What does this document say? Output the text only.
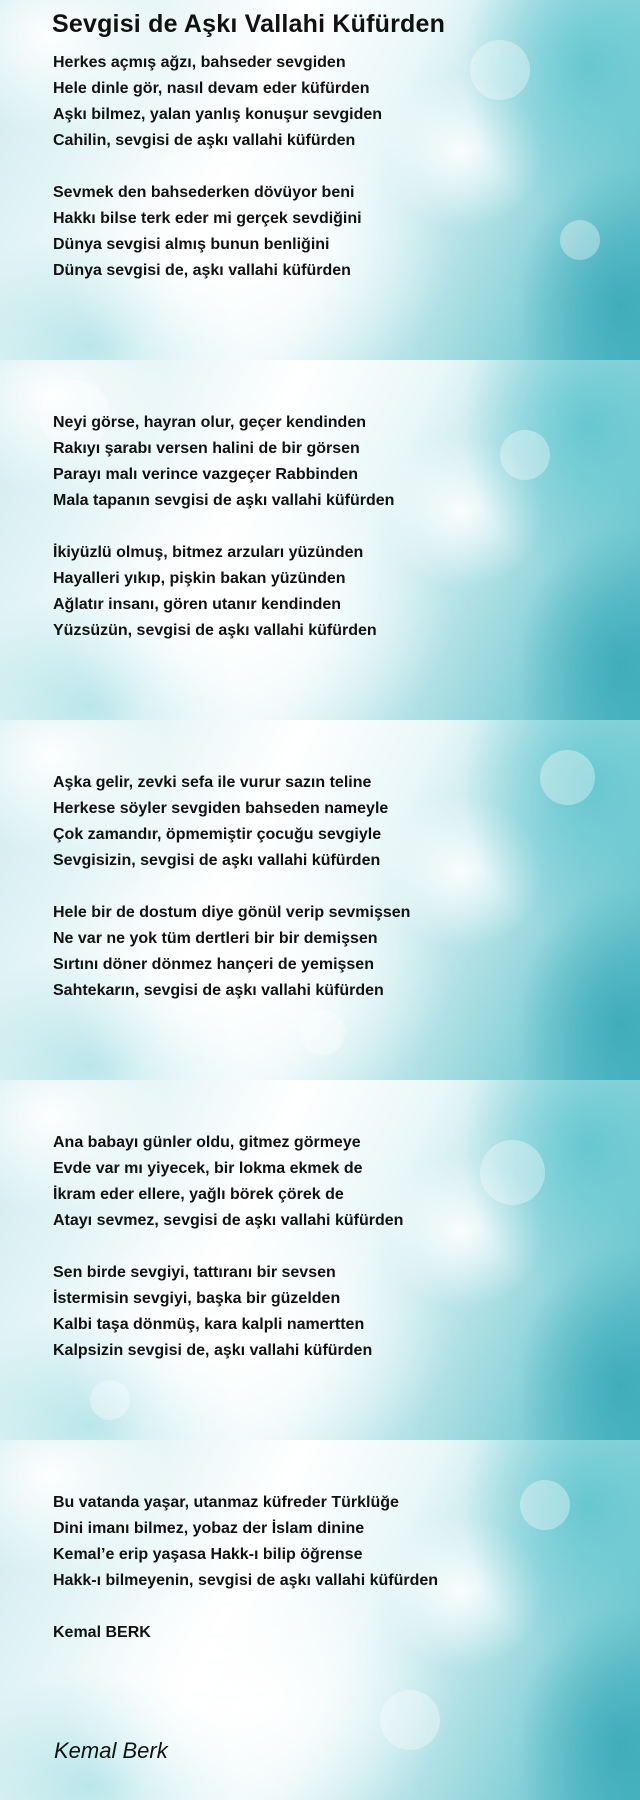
Sevgisi de Aşkı Vallahi Küfürden
Herkes açmış ağzı, bahseder sevgiden
Hele dinle gör, nasıl devam eder küfürden
Aşkı bilmez, yalan yanlış konuşur sevgiden
Cahilin, sevgisi de aşkı vallahi küfürden
Sevmek den bahsederken dövüyor beni
Hakkı bilse terk eder mi gerçek sevdiğini
Dünya sevgisi almış bunun benliğini
Dünya sevgisi de, aşkı vallahi küfürden
Neyi görse, hayran olur, geçer kendinden
Rakıyı şarabı versen halini de bir görsen
Parayı malı verince vazgeçer Rabbinden
Mala tapanın sevgisi de aşkı vallahi küfürden
İkiyüzlü olmuş, bitmez arzuları yüzünden
Hayalleri yıkıp, pişkin bakan yüzünden
Ağlatır insanı, gören utanır kendinden
Yüzsüzün, sevgisi de aşkı vallahi küfürden
Aşka gelir, zevki sefa ile vurur sazın teline
Herkese söyler sevgiden bahseden nameyle
Çok zamandır, öpmemiştir çocuğu sevgiyle
Sevgisizin, sevgisi de aşkı vallahi küfürden
Hele bir de dostum diye gönül verip sevmişsen
Ne var ne yok tüm dertleri bir bir demişsen
Sırtını döner dönmez hançeri de yemişsen
Sahtekarın, sevgisi de aşkı vallahi küfürden
Ana babayı günler oldu, gitmez görmeye
Evde var mı yiyecek, bir lokma ekmek de
İkram eder ellere, yağlı börek çörek de
Atayı sevmez, sevgisi de aşkı vallahi küfürden
Sen birde sevgiyi, tattıranı bir sevsen
İstermisin sevgiyi, başka bir güzelden
Kalbi taşa dönmüş, kara kalpli namertten
Kalpsizin sevgisi de, aşkı vallahi küfürden
Bu vatanda yaşar, utanmaz küfreder Türklüğe
Dini imanı bilmez, yobaz der İslam dinine
Kemal’e erip yaşasa Hakk-ı bilip öğrense
Hakk-ı bilmeyenin, sevgisi de aşkı vallahi küfürden
Kemal BERK
Kemal Berk
